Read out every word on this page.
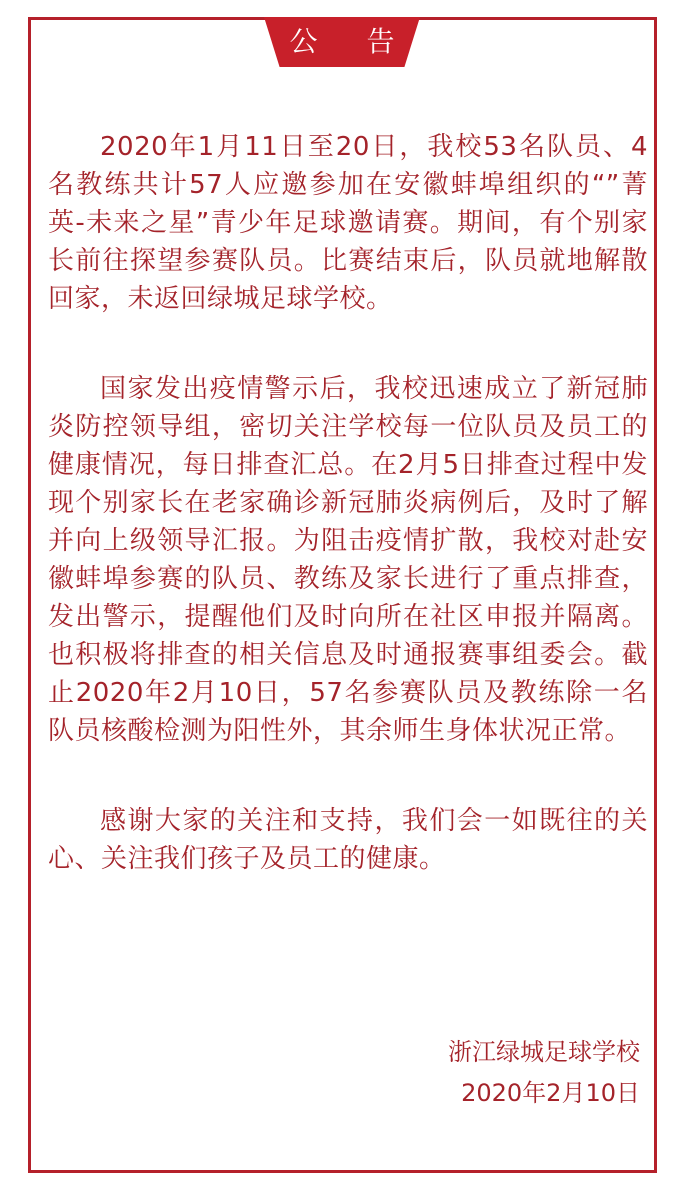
公 告

2020年1月11日至20日，我校53名队员、4名教练共计57人应邀参加在安徽蚌埠组织的“”菁英-未来之星”青少年足球邀请赛。期间，有个别家长前往探望参赛队员。比赛结束后，队员就地解散回家，未返回绿城足球学校。

国家发出疫情警示后，我校迅速成立了新冠肺炎防控领导组，密切关注学校每一位队员及员工的健康情况，每日排查汇总。在2月5日排查过程中发现个别家长在老家确诊新冠肺炎病例后，及时了解并向上级领导汇报。为阻击疫情扩散，我校对赴安徽蚌埠参赛的队员、教练及家长进行了重点排查，发出警示，提醒他们及时向所在社区申报并隔离。也积极将排查的相关信息及时通报赛事组委会。截止2020年2月10日，57名参赛队员及教练除一名队员核酸检测为阳性外，其余师生身体状况正常。

感谢大家的关注和支持，我们会一如既往的关心、关注我们孩子及员工的健康。

浙江绿城足球学校
2020年2月10日
